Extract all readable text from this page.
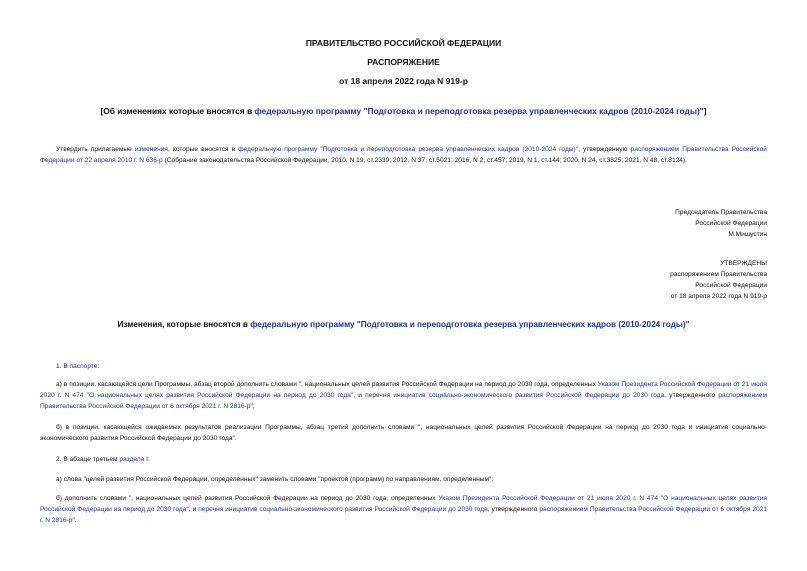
ПРАВИТЕЛЬСТВО РОССИЙСКОЙ ФЕДЕРАЦИИ
РАСПОРЯЖЕНИЕ
от 18 апреля 2022 года N 919-р
[Об изменениях которые вносятся в федеральную программу "Подготовка и переподготовка резерва управленческих кадров (2010-2024 годы)"]
Утвердить прилагаемые изменения, которые вносятся в федеральную программу "Подготовка и переподготовка резерва управленческих кадров (2010-2024 годы)", утвержденную распоряжением Правительства Российской Федерации от 22 апреля 2010 г. N 636-р (Собрание законодательства Российской Федерации, 2010, N 19, ст.2339; 2012, N 37, ст.5021; 2016, N 2, ст.457; 2019, N 1, ст.144; 2020, N 24, ст.3825; 2021, N 48, ст.8124).
Председатель Правительства
Российской Федерации
М.Мишустин
УТВЕРЖДЕНЫ
распоряжением Правительства
Российской Федерации
от 18 апреля 2022 года N 919-р
Изменения, которые вносятся в федеральную программу "Подготовка и переподготовка резерва управленческих кадров (2010-2024 годы)"
1. В паспорте:
а) в позиции, касающейся цели Программы, абзац второй дополнить словами ", национальных целей развития Российской Федерации на период до 2030 года, определенных Указом Президента Российской Федерации от 21 июля 2020 г. N 474 "О национальных целях развития Российской Федерации на период до 2030 года", и перечня инициатив социально-экономического развития Российской Федерации до 2030 года, утвержденного распоряжением Правительства Российской Федерации от 6 октября 2021 г. N 2816-р";
б) в позиции, касающейся ожидаемых результатов реализации Программы, абзац третий дополнить словами ", национальных целей развития Российской Федерации на период до 2030 года и инициатив социально-экономического развития Российской Федерации до 2030 года".
2. В абзаце третьем раздела I:
а) слова "целей развития Российской Федерации, определенных" заменить словами "проектов (программ) по направлениям, определенным";
б) дополнить словами ", национальных целей развития Российской Федерации на период до 2030 года, определенных Указом Президента Российской Федерации от 21 июля 2020 г. N 474 "О национальных целях развития Российской Федерации на период до 2030 года", и перечня инициатив социально-экономического развития Российской Федерации до 2030 года, утвержденного распоряжением Правительства Российской Федерации от 6 октября 2021 г. N 2816-р".
